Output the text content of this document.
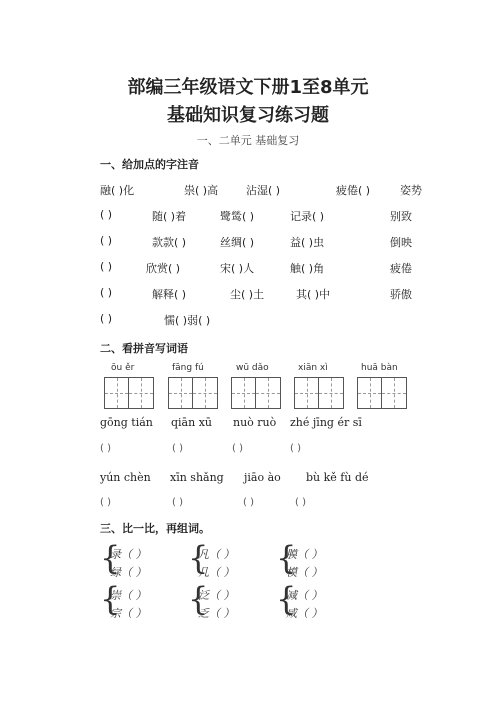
部编三年级语文下册1至8单元
基础知识复习练习题
一、二单元 基础复习
一、给加点的字注音
融( )化	祟( )高	沾湿( )	疲倦( )	姿势
( )	随( )着	鹭鸶( )	记录( )	别致
( )	款款( )	丝绸( )	益( )虫	倒映
( )	欣赏( )	宋( )人	触( )角	疲倦
( )	解释( )	尘( )土	其( )中	骄傲
( )	懦( )弱( )
二、看拼音写词语
ōu ěr	fāng fú	wū dǎo	xiān xì	huā bàn
gōng tián qiān xū nuò ruò zhé jīng ér sī
( )	( )	( )	( )
yún chèn xīn shǎng jiāo ào bù kě fù dé
( )	( )	( )	( )
三、比一比，再组词。
{
录（ ）
绿（ ） {
凡（ ）
几（ ） {
膜（ ）
模（ ）
{
崇（ ）
宗（ ） {
泛（ ）
乏（ ） {
减（ ）
咸（ ）
